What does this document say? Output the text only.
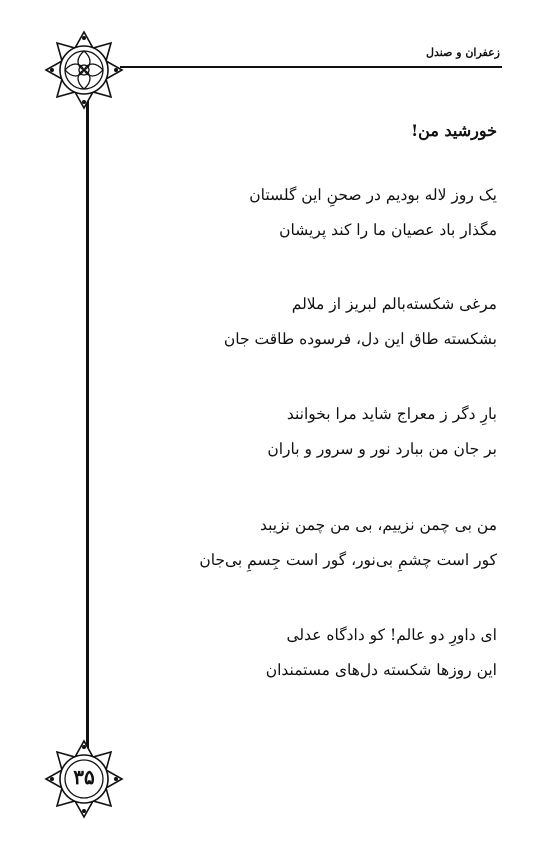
زعفران و صندل
خورشید من!
یک روز لاله بودیم در صحنِ این گلستان
مگذار باد عصیان ما را کند پریشان
مرغی شکسته‌بالم لبریز از ملالم
بشکسته طاق این دل، فرسوده طاقت جان
بارِ دگر ز معراج شاید مرا بخوانند
بر جان من ببارد نور و سرور و باران
من بی چمن نزییم، بی من چمن نزیبد
کور است چشمِ بی‌نور، گور است جِسمِ بی‌جان
ای داورِ دو عالم! کو دادگاه عدلی
این روزها شکسته دل‌های مستمندان
۳۵
